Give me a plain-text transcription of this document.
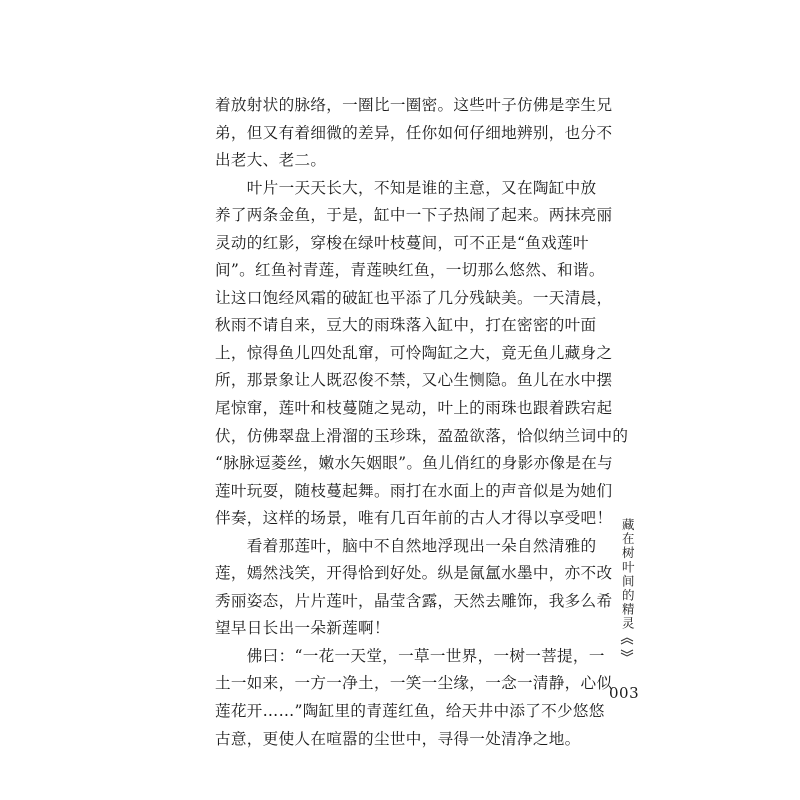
着放射状的脉络，一圈比一圈密。这些叶子仿佛是孪生兄
弟，但又有着细微的差异，任你如何仔细地辨别，也分不
出老大、老二。
　　叶片一天天长大，不知是谁的主意，又在陶缸中放
养了两条金鱼，于是，缸中一下子热闹了起来。两抹亮丽
灵动的红影，穿梭在绿叶枝蔓间，可不正是“鱼戏莲叶
间”。红鱼衬青莲，青莲映红鱼，一切那么悠然、和谐。
让这口饱经风霜的破缸也平添了几分残缺美。一天清晨，
秋雨不请自来，豆大的雨珠落入缸中，打在密密的叶面
上，惊得鱼儿四处乱窜，可怜陶缸之大，竟无鱼儿藏身之
所，那景象让人既忍俊不禁，又心生恻隐。鱼儿在水中摆
尾惊窜，莲叶和枝蔓随之晃动，叶上的雨珠也跟着跌宕起
伏，仿佛翠盘上滑溜的玉珍珠，盈盈欲落，恰似纳兰词中的
“脉脉逗菱丝，嫩水矢姻眼”。鱼儿俏红的身影亦像是在与
莲叶玩耍，随枝蔓起舞。雨打在水面上的声音似是为她们
伴奏，这样的场景，唯有几百年前的古人才得以享受吧！
　　看着那莲叶，脑中不自然地浮现出一朵自然清雅的
莲，嫣然浅笑，开得恰到好处。纵是氤氲水墨中，亦不改
秀丽姿态，片片莲叶，晶莹含露，天然去雕饰，我多么希
望早日长出一朵新莲啊！
　　佛曰：“一花一天堂，一草一世界，一树一菩提，一
土一如来，一方一净土，一笑一尘缘，一念一清静，心似
莲花开……”陶缸里的青莲红鱼，给天井中添了不少悠悠
古意，更使人在喧嚣的尘世中，寻得一处清净之地。
藏在树叶间的精灵
003
